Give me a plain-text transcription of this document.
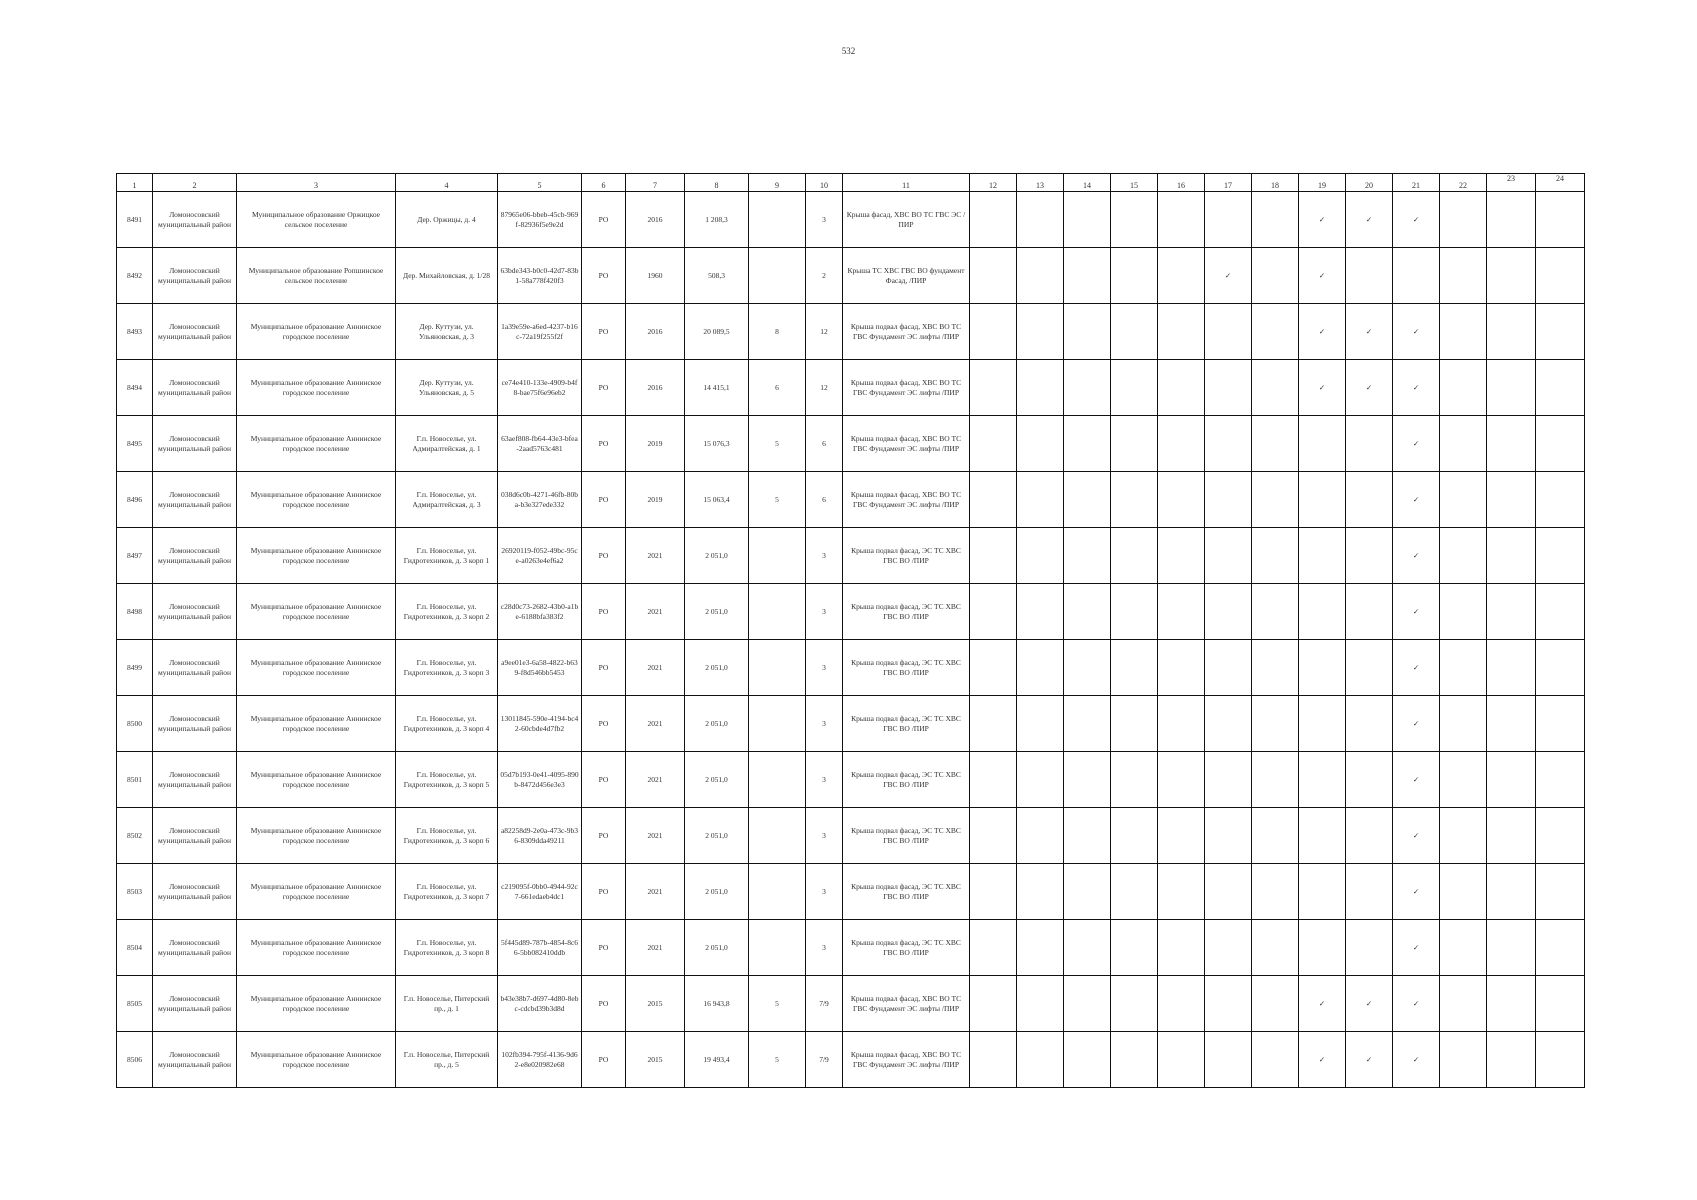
532
1	2	3	4	5	6	7	8	9	10	11	12	13	14	15	16	17	18	19	20	21	22	23	24
8491	Ломоносовский муниципальный район	Муниципальное образование Оржицкое сельское поселение	Дер. Оржицы, д. 4	87965e06-bbeb-45cb-969f-82936f5e9e2d	РО	2016	1 208,3		3	Крыша фасад, ХВС ВО ТС ГВС ЭС /ПИР								✓	✓	✓			
8492	Ломоносовский муниципальный район	Муниципальное образование Ропшинское сельское поселение	Дер. Михайловская, д. 1/28	63bde343-b0c0-42d7-83b1-58a778f420f3	РО	1960	508,3		2	Крыша ТС ХВС ГВС ВО фундамент Фасад, /ПИР						✓		✓					
8493	Ломоносовский муниципальный район	Муниципальное образование Аннинское городское поселение	Дер. Куттузи, ул. Ульяновская, д. 3	1a39e59e-a6ed-4237-b16c-72a19f255f2f	РО	2016	20 089,5	8	12	Крыша подвал фасад, ХВС ВО ТС ГВС Фундамент ЭС лифты /ПИР								✓	✓	✓			
8494	Ломоносовский муниципальный район	Муниципальное образование Аннинское городское поселение	Дер. Куттузи, ул. Ульяновская, д. 5	ce74e410-133e-4909-b4f8-bae75f6e96eb2	РО	2016	14 415,1	6	12	Крыша подвал фасад, ХВС ВО ТС ГВС Фундамент ЭС лифты /ПИР								✓	✓	✓			
8495	Ломоносовский муниципальный район	Муниципальное образование Аннинское городское поселение	Г.п. Новоселье, ул. Адмиралтейская, д. 1	63aef808-fb64-43e3-bfea-2aad5763c481	РО	2019	15 076,3	5	6	Крыша подвал фасад, ХВС ВО ТС ГВС Фундамент ЭС лифты /ПИР										✓			
8496	Ломоносовский муниципальный район	Муниципальное образование Аннинское городское поселение	Г.п. Новоселье, ул. Адмиралтейская, д. 3	038d6c0b-4271-46fb-80ba-b3e327ede332	РО	2019	15 063,4	5	6	Крыша подвал фасад, ХВС ВО ТС ГВС Фундамент ЭС лифты /ПИР										✓			
8497	Ломоносовский муниципальный район	Муниципальное образование Аннинское городское поселение	Г.п. Новоселье, ул. Гидротехников, д. 3 корп 1	26920119-f052-49bc-95ce-a0263e4ef6a2	РО	2021	2 051,0		3	Крыша подвал фасад, ЭС ТС ХВС ГВС ВО /ПИР										✓			
8498	Ломоносовский муниципальный район	Муниципальное образование Аннинское городское поселение	Г.п. Новоселье, ул. Гидротехников, д. 3 корп 2	c28d0c73-2682-43b0-a1be-6188bfa383f2	РО	2021	2 051,0		3	Крыша подвал фасад, ЭС ТС ХВС ГВС ВО /ПИР										✓			
8499	Ломоносовский муниципальный район	Муниципальное образование Аннинское городское поселение	Г.п. Новоселье, ул. Гидротехников, д. 3 корп 3	a9ee01e3-6a58-4822-b639-f8d546bb5453	РО	2021	2 051,0		3	Крыша подвал фасад, ЭС ТС ХВС ГВС ВО /ПИР										✓			
8500	Ломоносовский муниципальный район	Муниципальное образование Аннинское городское поселение	Г.п. Новоселье, ул. Гидротехников, д. 3 корп 4	13011845-590e-4194-bc42-60cbde4d7fb2	РО	2021	2 051,0		3	Крыша подвал фасад, ЭС ТС ХВС ГВС ВО /ПИР										✓			
8501	Ломоносовский муниципальный район	Муниципальное образование Аннинское городское поселение	Г.п. Новоселье, ул. Гидротехников, д. 3 корп 5	05d7b193-0e41-4095-890b-8472d456e3e3	РО	2021	2 051,0		3	Крыша подвал фасад, ЭС ТС ХВС ГВС ВО /ПИР										✓			
8502	Ломоносовский муниципальный район	Муниципальное образование Аннинское городское поселение	Г.п. Новоселье, ул. Гидротехников, д. 3 корп 6	a82258d9-2e0a-473c-9b36-8309dda49211	РО	2021	2 051,0		3	Крыша подвал фасад, ЭС ТС ХВС ГВС ВО /ПИР										✓			
8503	Ломоносовский муниципальный район	Муниципальное образование Аннинское городское поселение	Г.п. Новоселье, ул. Гидротехников, д. 3 корп 7	c219095f-0bb0-4944-92c7-661edaeb4dc1	РО	2021	2 051,0		3	Крыша подвал фасад, ЭС ТС ХВС ГВС ВО /ПИР										✓			
8504	Ломоносовский муниципальный район	Муниципальное образование Аннинское городское поселение	Г.п. Новоселье, ул. Гидротехников, д. 3 корп 8	5f445d89-787b-4854-8c66-5bb082410ddb	РО	2021	2 051,0		3	Крыша подвал фасад, ЭС ТС ХВС ГВС ВО /ПИР										✓			
8505	Ломоносовский муниципальный район	Муниципальное образование Аннинское городское поселение	Г.п. Новоселье, Питерский пр., д. 1	b43e38b7-d697-4d80-8ebc-cdcbd39b3d8d	РО	2015	16 943,8	5	7/9	Крыша подвал фасад, ХВС ВО ТС ГВС Фундамент ЭС лифты /ПИР								✓	✓	✓			
8506	Ломоносовский муниципальный район	Муниципальное образование Аннинское городское поселение	Г.п. Новоселье, Питерский пр., д. 5	102fb394-795f-4136-9d62-e8e020982e68	РО	2015	19 493,4	5	7/9	Крыша подвал фасад, ХВС ВО ТС ГВС Фундамент ЭС лифты /ПИР								✓	✓	✓			
